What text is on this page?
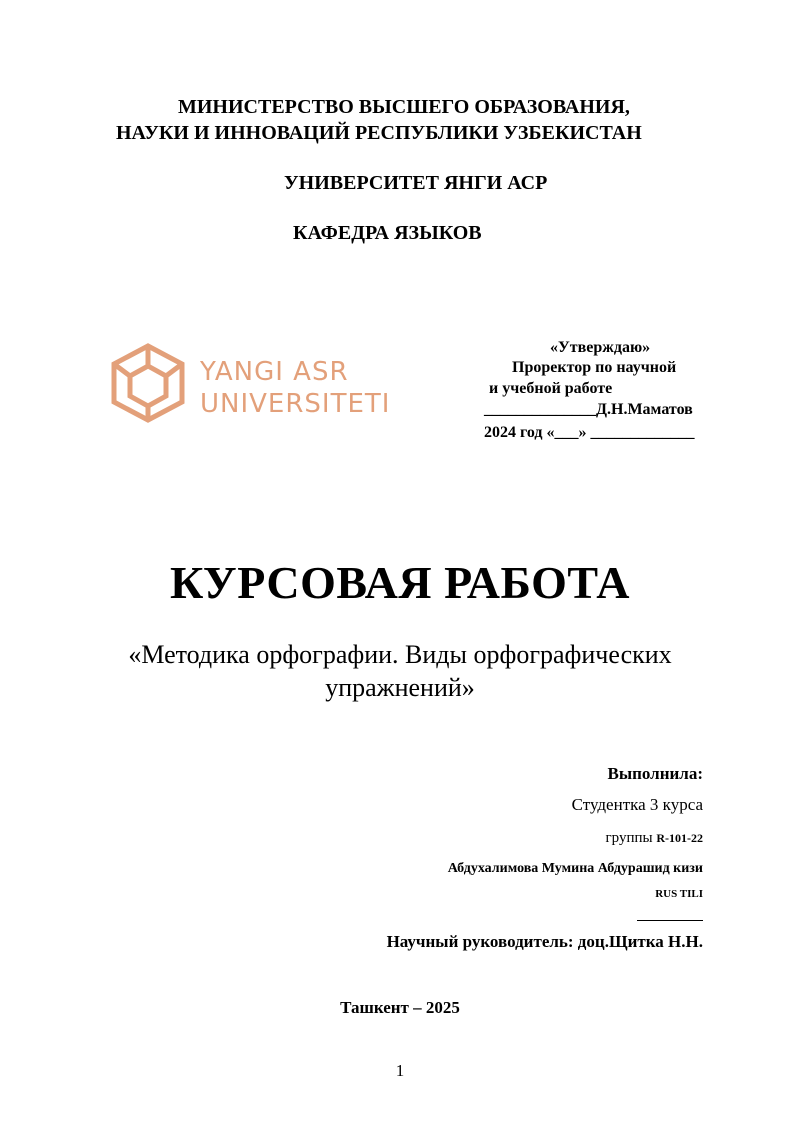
МИНИСТЕРСТВО ВЫСШЕГО ОБРАЗОВАНИЯ,
НАУКИ И ИННОВАЦИЙ РЕСПУБЛИКИ УЗБЕКИСТАН
УНИВЕРСИТЕТ ЯНГИ АСР
КАФЕДРА ЯЗЫКОВ
YANGI ASR
UNIVERSITETI
«Утверждаю»
Проректор по научной
и учебной работе
______________Д.Н.Маматов
2024 год «___» _____________
КУРСОВАЯ РАБОТА
«Методика орфографии. Виды орфографических
упражнений»
Выполнила:
Студентка 3 курса
группы R-101-22
Абдухалимова Мумина Абдурашид кизи
RUS TILI
Научный руководитель: доц.Щитка Н.Н.
Ташкент – 2025
1
